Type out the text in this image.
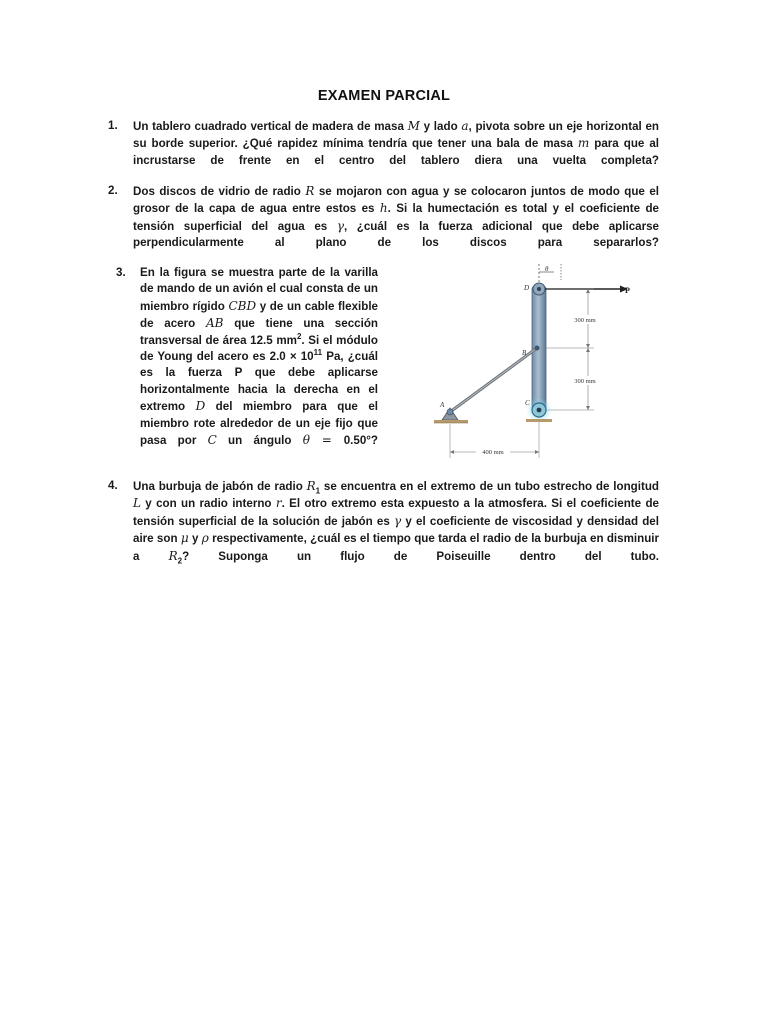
EXAMEN PARCIAL
1. Un tablero cuadrado vertical de madera de masa M y lado a, pivota sobre un eje horizontal en su borde superior. ¿Qué rapidez mínima tendría que tener una bala de masa m para que al incrustarse de frente en el centro del tablero diera una vuelta completa?
2. Dos discos de vidrio de radio R se mojaron con agua y se colocaron juntos de modo que el grosor de la capa de agua entre estos es h. Si la humectación es total y el coeficiente de tensión superficial del agua es γ, ¿cuál es la fuerza adicional que debe aplicarse perpendicularmente al plano de los discos para separarlos?
3. En la figura se muestra parte de la varilla de mando de un avión el cual consta de un miembro rígido CBD y de un cable flexible de acero AB que tiene una sección transversal de área 12.5 $mm^2$. Si el módulo de Young del acero es $2.0 \times 10^{11}$ Pa, ¿cuál es la fuerza P que debe aplicarse horizontalmente hacia la derecha en el extremo D del miembro para que el miembro rote alrededor de un eje fijo que pasa por C un ángulo θ = 0.50°?
θ
P
D
300 mm
300 mm
B
A	C
400 mm
4. Una burbuja de jabón de radio $R_1$ se encuentra en el extremo de un tubo estrecho de longitud L y con un radio interno r. El otro extremo esta expuesto a la atmosfera. Si el coeficiente de tensión superficial de la solución de jabón es γ y el coeficiente de viscosidad y densidad del aire son μ y ρ respectivamente, ¿cuál es el tiempo que tarda el radio de la burbuja en disminuir a $R_2$? Suponga un flujo de Poiseuille dentro del tubo.
